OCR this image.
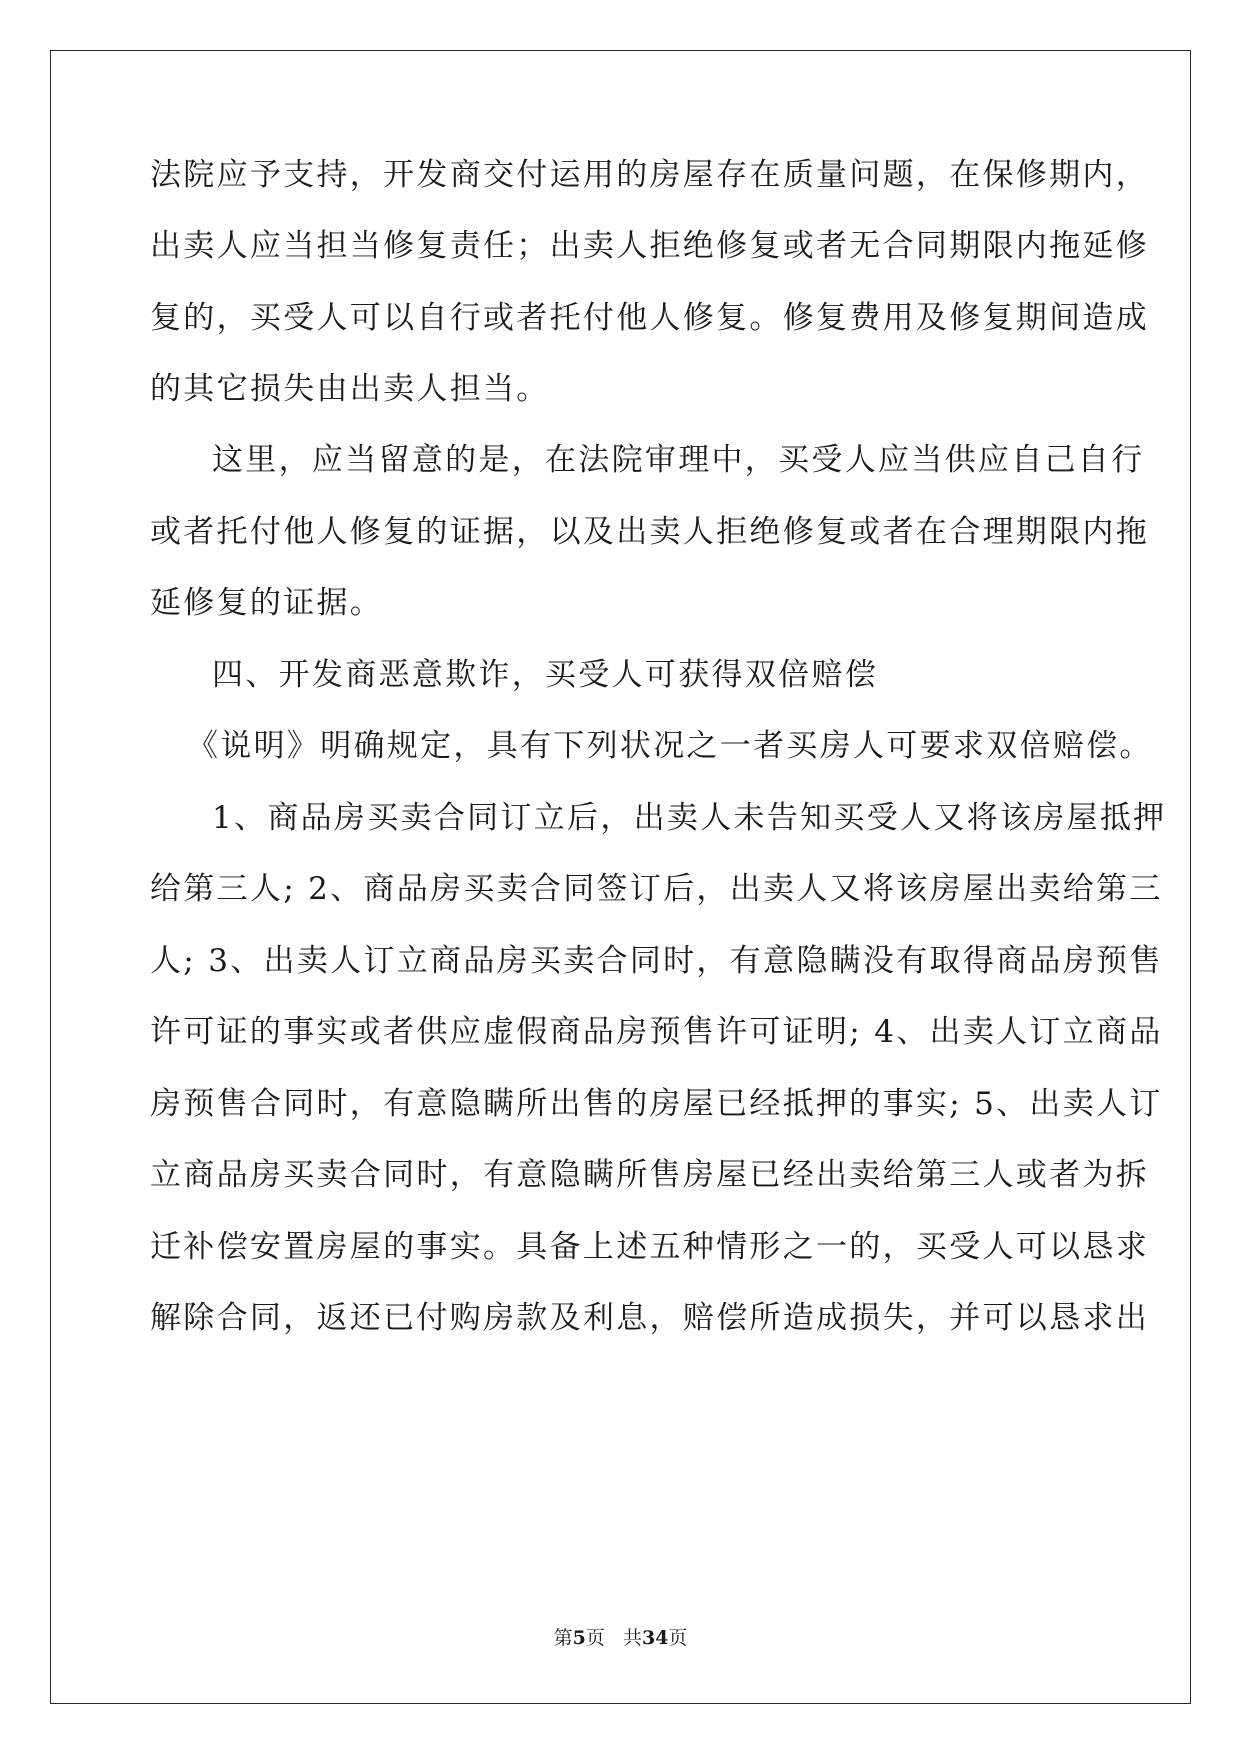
法院应予支持，开发商交付运用的房屋存在质量问题，在保修期内，
出卖人应当担当修复责任；出卖人拒绝修复或者无合同期限内拖延修
复的，买受人可以自行或者托付他人修复。修复费用及修复期间造成
的其它损失由出卖人担当。
这里，应当留意的是，在法院审理中，买受人应当供应自己自行
或者托付他人修复的证据，以及出卖人拒绝修复或者在合理期限内拖
延修复的证据。
四、开发商恶意欺诈，买受人可获得双倍赔偿
《说明》明确规定，具有下列状况之一者买房人可要求双倍赔偿。
1、商品房买卖合同订立后，出卖人未告知买受人又将该房屋抵押
给第三人; 2、商品房买卖合同签订后，出卖人又将该房屋出卖给第三
人; 3、出卖人订立商品房买卖合同时，有意隐瞒没有取得商品房预售
许可证的事实或者供应虚假商品房预售许可证明; 4、出卖人订立商品
房预售合同时，有意隐瞒所出售的房屋已经抵押的事实; 5、出卖人订
立商品房买卖合同时，有意隐瞒所售房屋已经出卖给第三人或者为拆
迁补偿安置房屋的事实。具备上述五种情形之一的，买受人可以恳求
解除合同，返还已付购房款及利息，赔偿所造成损失，并可以恳求出
第5页 共34页
